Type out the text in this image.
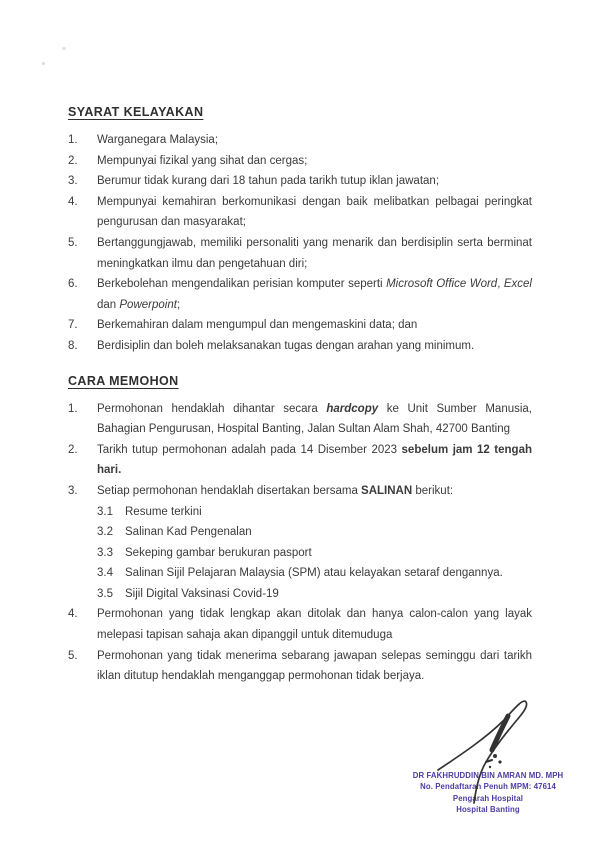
SYARAT KELAYAKAN
1.	Warganegara Malaysia;
2.	Mempunyai fizikal yang sihat dan cergas;
3.	Berumur tidak kurang dari 18 tahun pada tarikh tutup iklan jawatan;
4.	Mempunyai kemahiran berkomunikasi dengan baik melibatkan pelbagai peringkat pengurusan dan masyarakat;
5.	Bertanggungjawab, memiliki personaliti yang menarik dan berdisiplin serta berminat meningkatkan ilmu dan pengetahuan diri;
6.	Berkebolehan mengendalikan perisian komputer seperti Microsoft Office Word, Excel dan Powerpoint;
7.	Berkemahiran dalam mengumpul dan mengemaskini data; dan
8.	Berdisiplin dan boleh melaksanakan tugas dengan arahan yang minimum.
CARA MEMOHON
1.	Permohonan hendaklah dihantar secara hardcopy ke Unit Sumber Manusia, Bahagian Pengurusan, Hospital Banting, Jalan Sultan Alam Shah, 42700 Banting
2.	Tarikh tutup permohonan adalah pada 14 Disember 2023 sebelum jam 12 tengah hari.
3.	Setiap permohonan hendaklah disertakan bersama SALINAN berikut:
3.1	Resume terkini
3.2	Salinan Kad Pengenalan
3.3	Sekeping gambar berukuran pasport
3.4	Salinan Sijil Pelajaran Malaysia (SPM) atau kelayakan setaraf dengannya.
3.5	Sijil Digital Vaksinasi Covid-19
4.	Permohonan yang tidak lengkap akan ditolak dan hanya calon-calon yang layak melepasi tapisan sahaja akan dipanggil untuk ditemuduga
5.	Permohonan yang tidak menerima sebarang jawapan selepas seminggu dari tarikh iklan ditutup hendaklah menganggap permohonan tidak berjaya.
DR FAKHRUDDIN BIN AMRAN MD. MPH
No. Pendaftaran Penuh MPM: 47614
Pengarah Hospital
Hospital Banting
